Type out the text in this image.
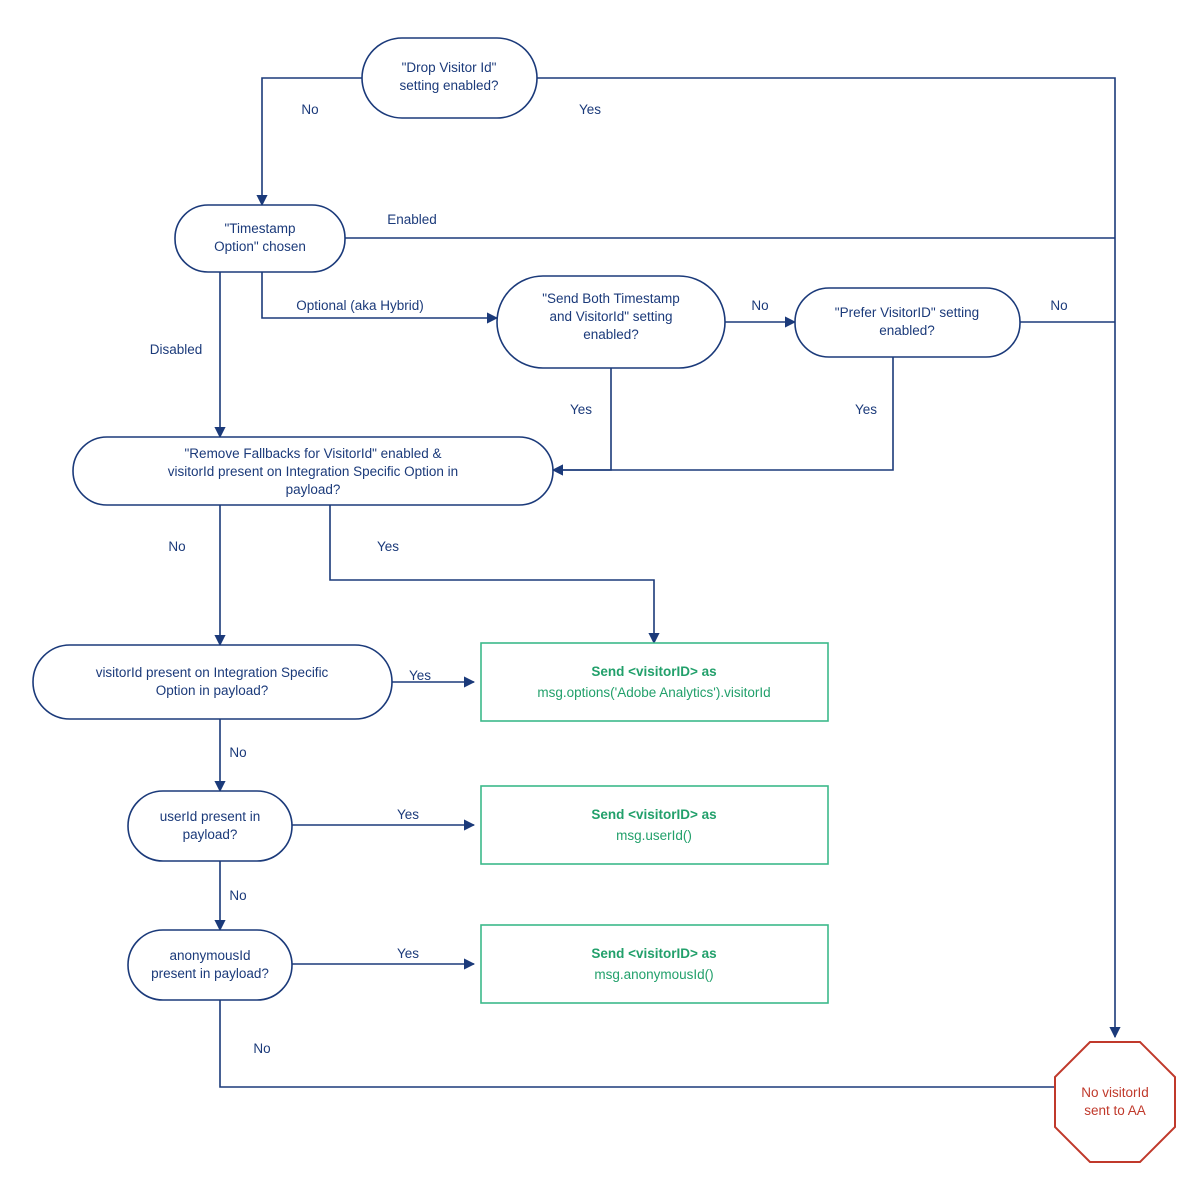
"Drop Visitor Id"
setting enabled?
"Timestamp
Option" chosen
"Send Both Timestamp
and VisitorId" setting
enabled?
"Prefer VisitorID" setting
enabled?
"Remove Fallbacks for VisitorId" enabled &
visitorId present on Integration Specific Option in
payload?
visitorId present on Integration Specific
Option in payload?
userId present in
payload?
anonymousId
present in payload?
Send <visitorID> as
msg.options('Adobe Analytics').visitorId
Send <visitorID> as
msg.userId()
Send <visitorID> as
msg.anonymousId()
No visitorId
sent to AA
No	Yes
Enabled
Optional (aka Hybrid)
Disabled
No
Yes
No
Yes
No	Yes
Yes
No
Yes
No
Yes
No
